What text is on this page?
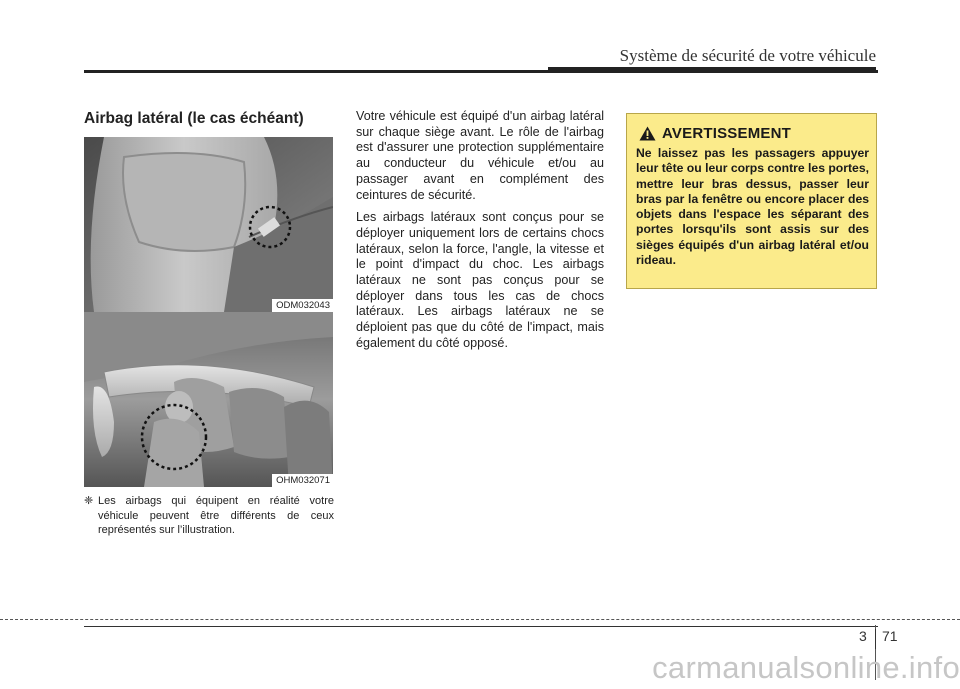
Système de sécurité de votre véhicule
Airbag latéral (le cas échéant)
ODM032043
OHM032071
❈ Les airbags qui équipent en réalité votre véhicule peuvent être différents de ceux représentés sur l’illustration.

Votre véhicule est équipé d'un airbag latéral sur chaque siège avant. Le rôle de l'airbag est d'assurer une protection supplémentaire au conducteur du véhicule et/ou au passager avant en complément des ceintures de sécurité.

Les airbags latéraux sont conçus pour se déployer uniquement lors de certains chocs latéraux, selon la force, l'angle, la vitesse et le point d'impact du choc. Les airbags latéraux ne sont pas conçus pour se déployer dans tous les cas de chocs latéraux. Les airbags latéraux ne se déploient pas que du côté de l'impact, mais également du côté opposé.

AVERTISSEMENT
Ne laissez pas les passagers appuyer leur tête ou leur corps contre les portes, mettre leur bras dessus, passer leur bras par la fenêtre ou encore placer des objets dans l'espace les séparant des portes lorsqu'ils sont assis sur des sièges équipés d'un airbag latéral et/ou rideau.
3 71
carmanualsonline.info
